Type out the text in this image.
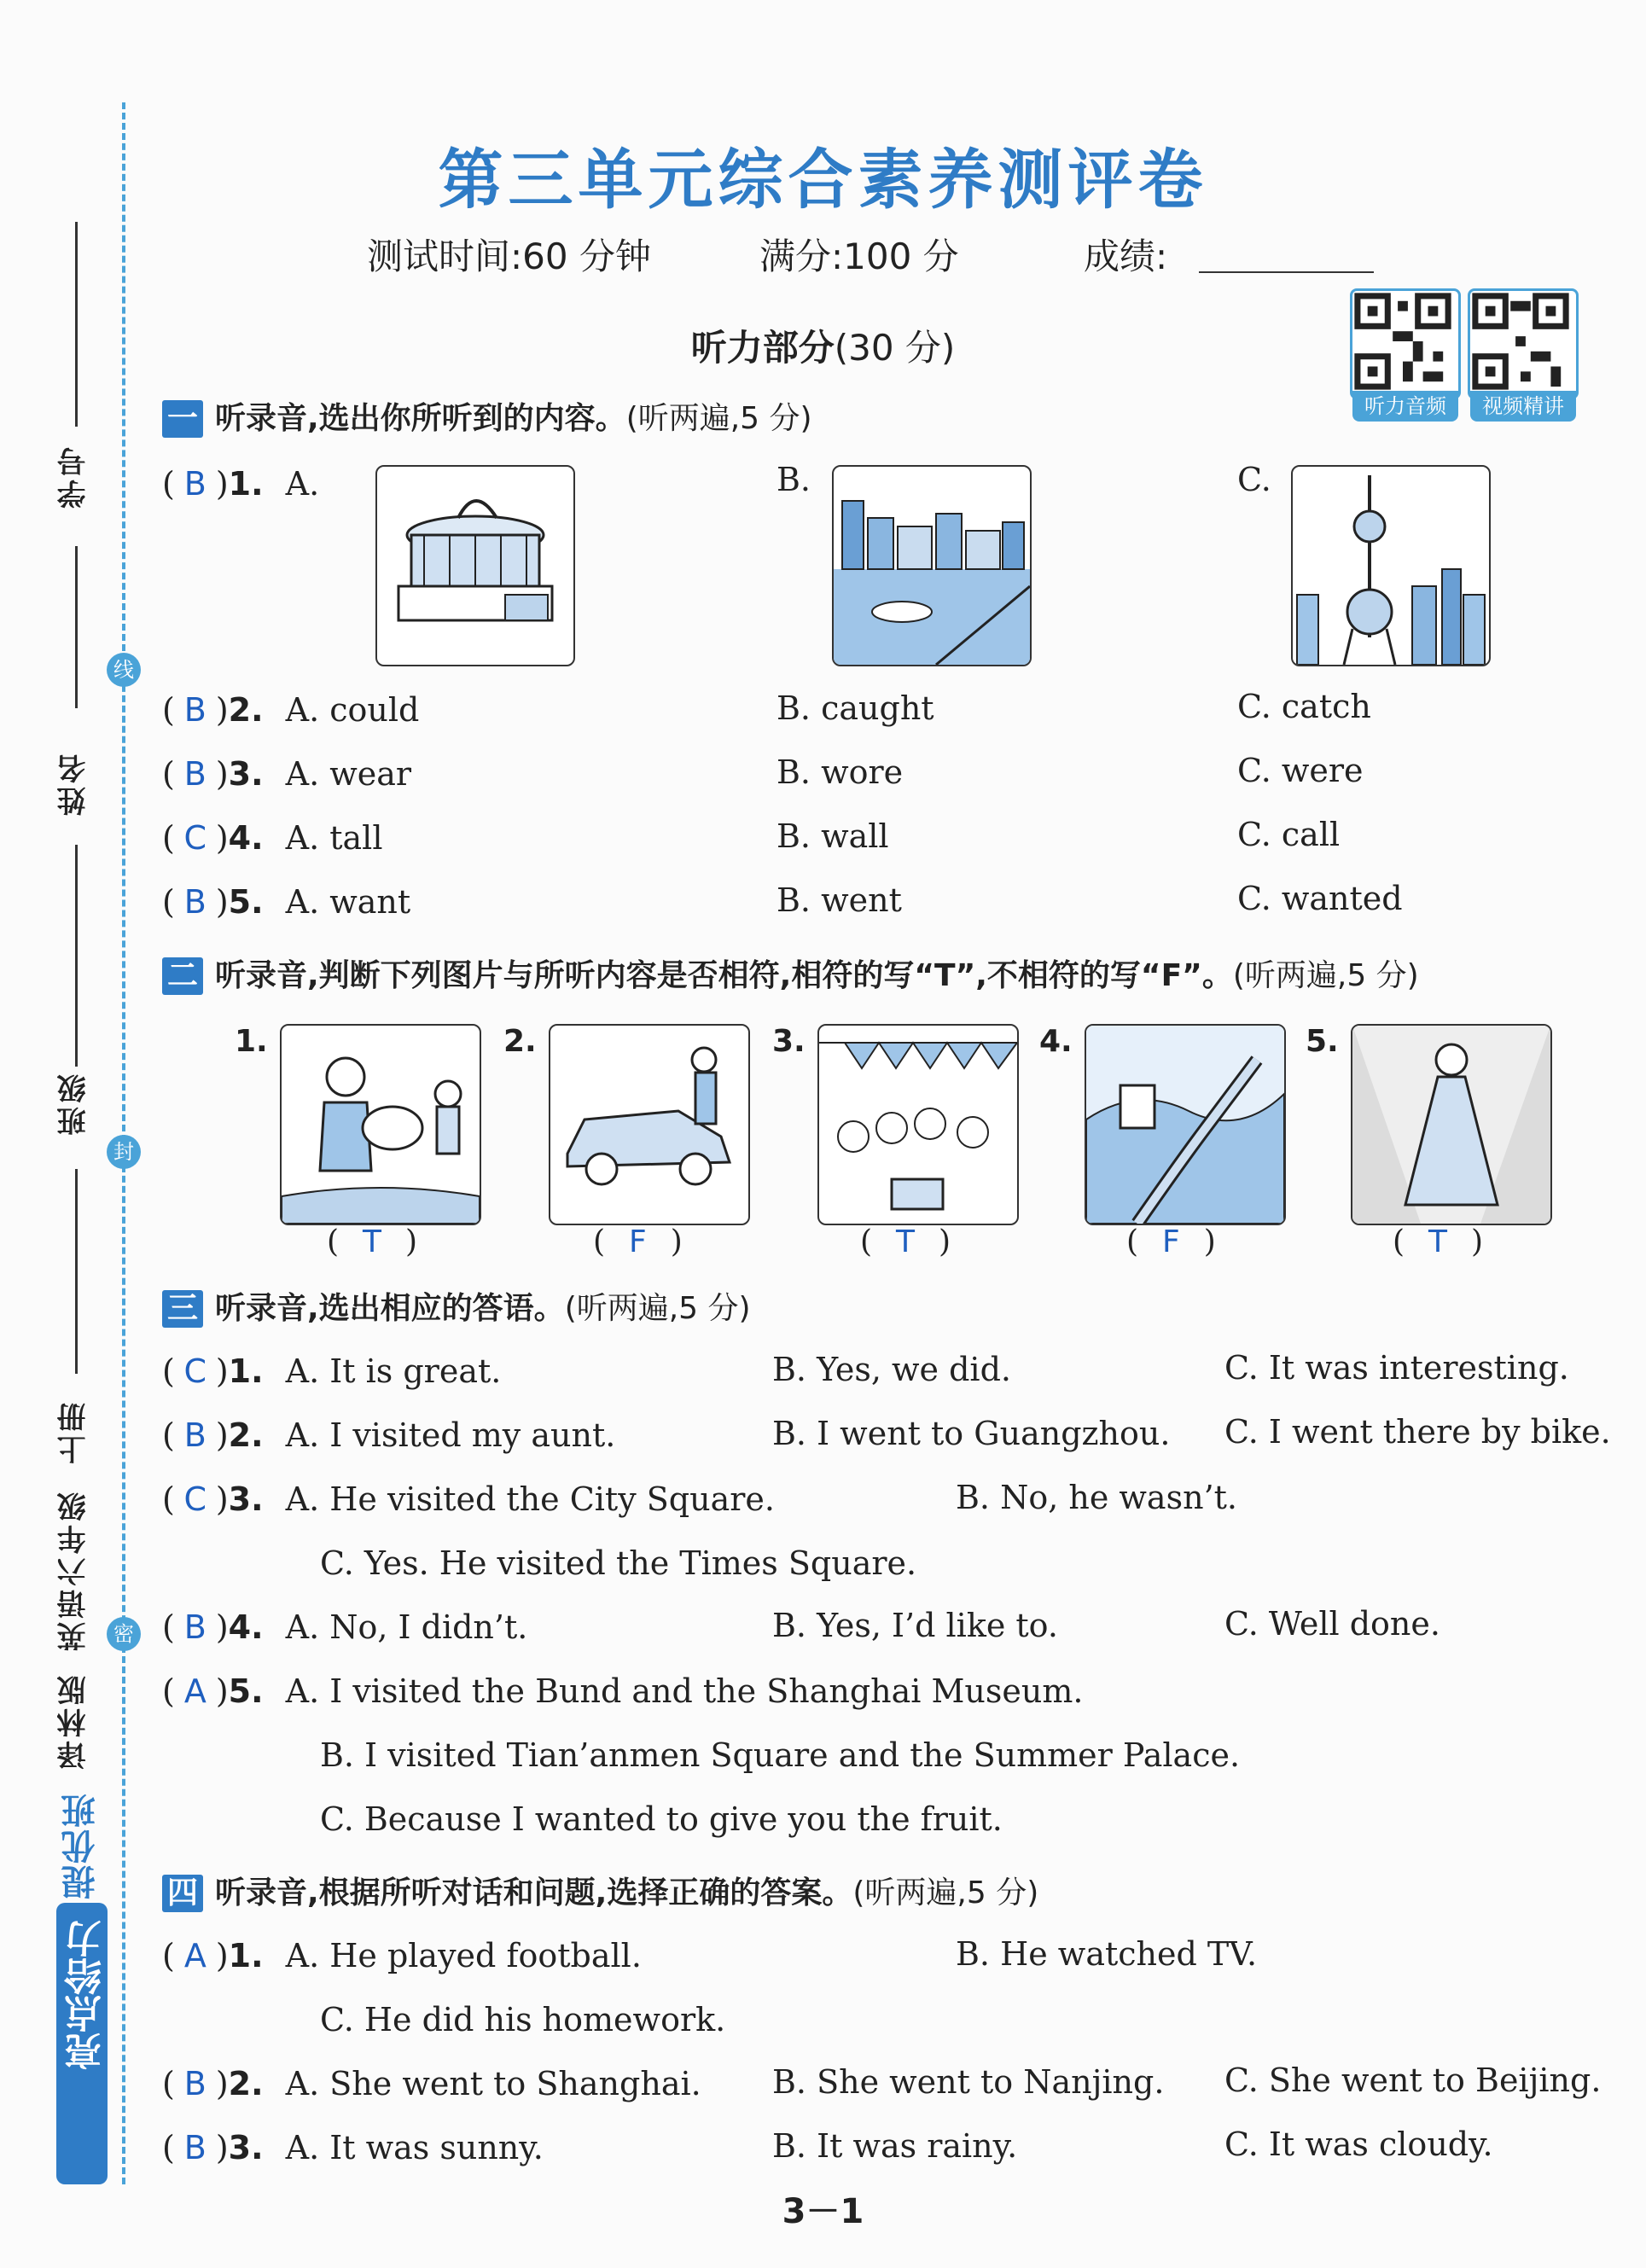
学号
姓名
班级
线
封
密
上册
英语六年级
译林版
提优班
亮点给力
第三单元综合素养测评卷
测试时间:60 分钟	满分:100 分	成绩:
听力部分(30 分)
听力音频	视频精讲
一 听录音,选出你所听到的内容。(听两遍,5 分)
( B )1. A.	B.	C.
( B )2. A. could	B. caught	C. catch
( B )3. A. wear	B. wore	C. were
( C )4. A. tall	B. wall	C. call
( B )5. A. want	B. went	C. wanted
二 听录音,判断下列图片与所听内容是否相符,相符的写“T”,不相符的写“F”。(听两遍,5 分)
1.	2.	3.	4.	5.
( T )	( F )	( T )	( F )	( T )
三 听录音,选出相应的答语。(听两遍,5 分)
( C )1. A. It is great.	B. Yes, we did.	C. It was interesting.
( B )2. A. I visited my aunt.	B. I went to Guangzhou. C. I went there by bike.
( C )3. A. He visited the City Square.	B. No, he wasn’t.
C. Yes. He visited the Times Square.
( B )4. A. No, I didn’t.	B. Yes, I’d like to.	C. Well done.
( A )5. A. I visited the Bund and the Shanghai Museum.
B. I visited Tian’anmen Square and the Summer Palace.
C. Because I wanted to give you the fruit.
四 听录音,根据所听对话和问题,选择正确的答案。(听两遍,5 分)
( A )1. A. He played football.	B. He watched TV.
C. He did his homework.
( B )2. A. She went to Shanghai. B. She went to Nanjing. C. She went to Beijing.
( B )3. A. It was sunny.	B. It was rainy.	C. It was cloudy.
3－1
